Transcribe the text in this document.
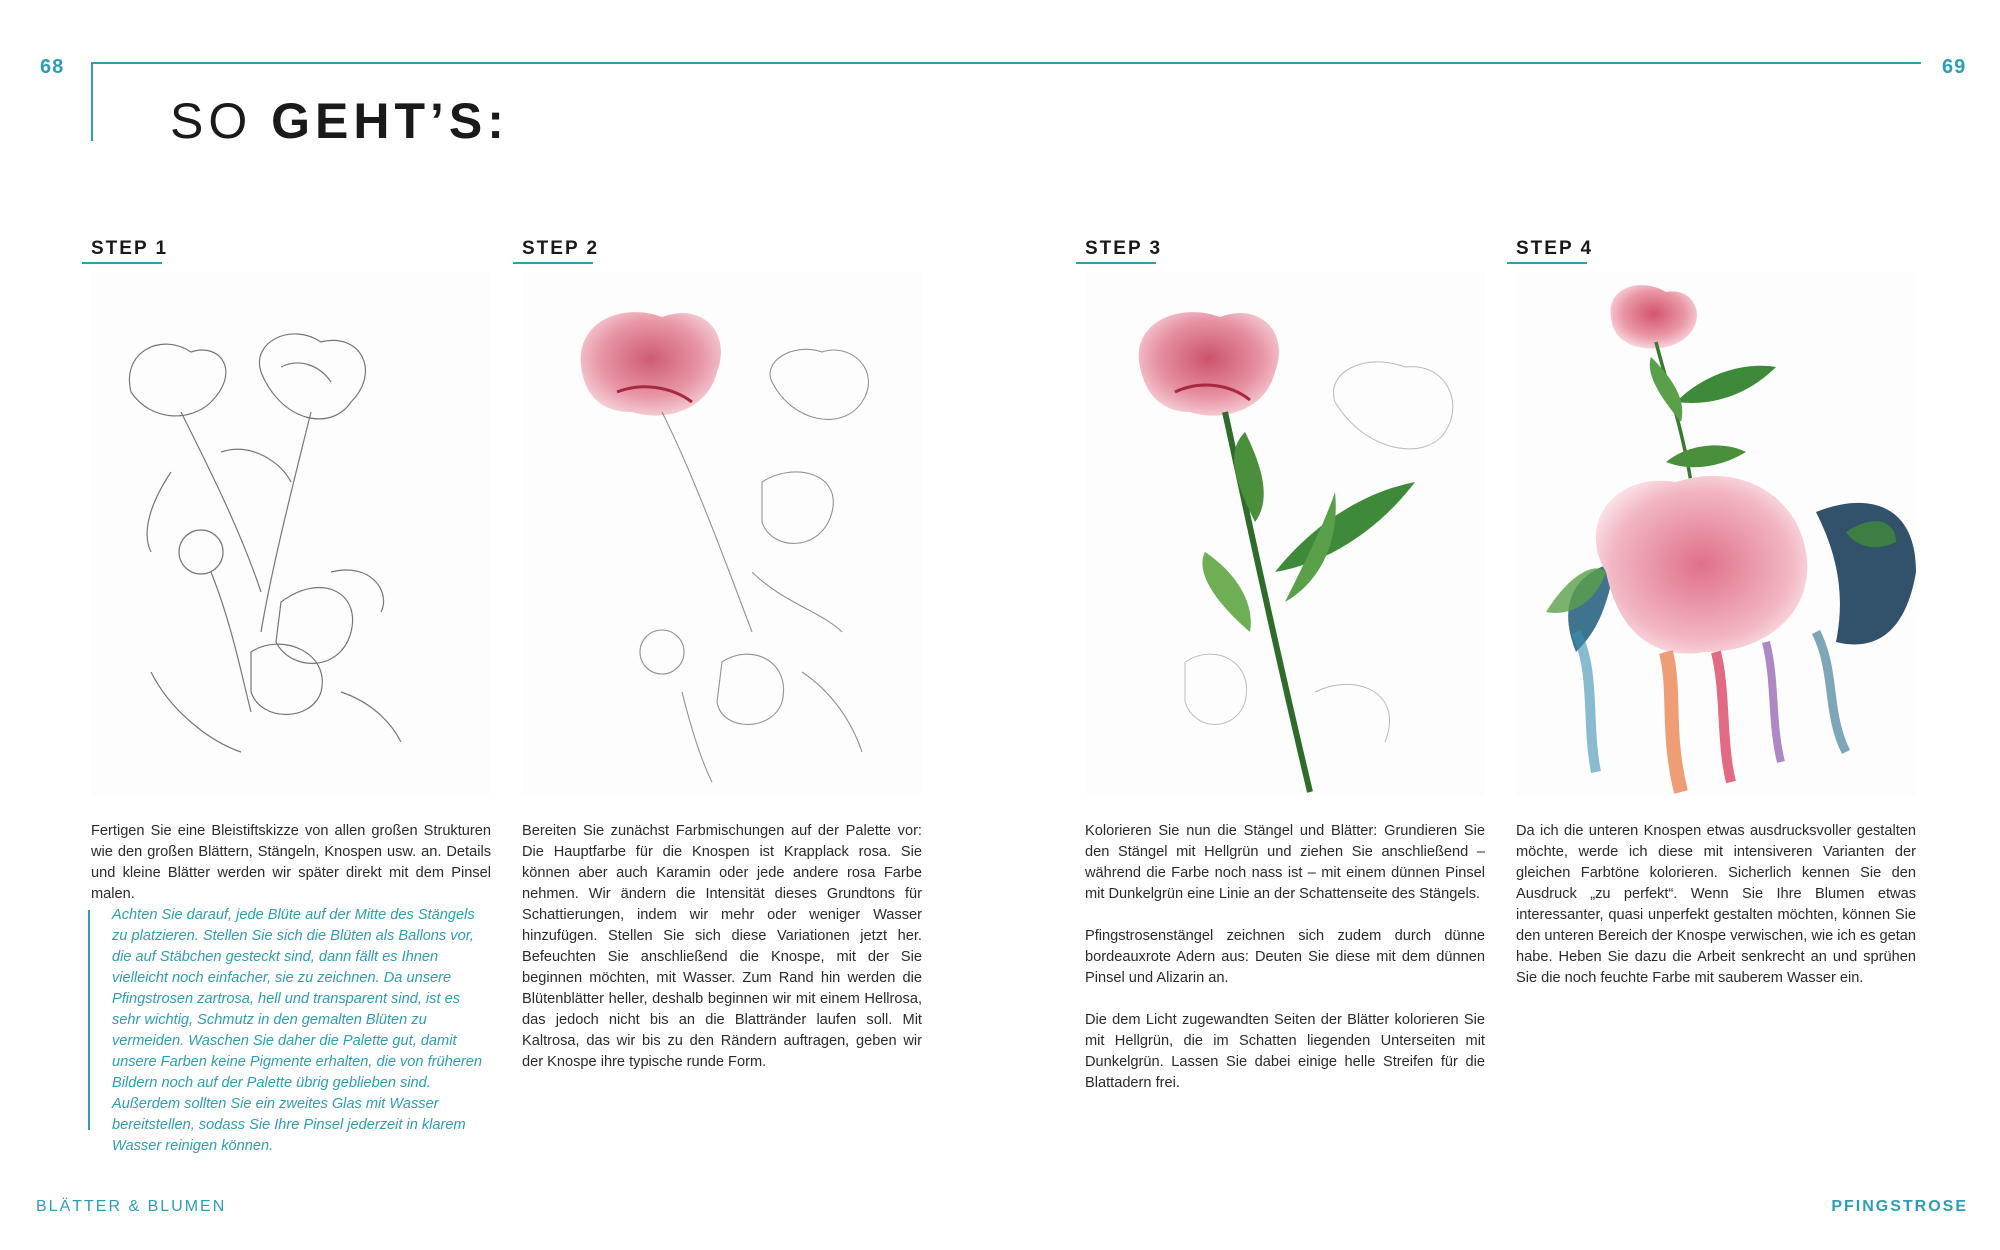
68	69
SO GEHT’S:
STEP 1

Fertigen Sie eine Bleistiftskizze von allen großen Strukturen wie den großen Blättern, Stängeln, Knospen usw. an. Details und kleine Blätter werden wir später direkt mit dem Pinsel malen.

Achten Sie darauf, jede Blüte auf der Mitte des Stängels zu platzieren. Stellen Sie sich die Blüten als Ballons vor, die auf Stäbchen gesteckt sind, dann fällt es Ihnen vielleicht noch einfacher, sie zu zeichnen. Da unsere Pfingstrosen zartrosa, hell und transparent sind, ist es sehr wichtig, Schmutz in den gemalten Blüten zu vermeiden. Waschen Sie daher die Palette gut, damit unsere Farben keine Pigmente erhalten, die von früheren Bildern noch auf der Palette übrig geblieben sind. Außerdem sollten Sie ein zweites Glas mit Wasser bereitstellen, sodass Sie Ihre Pinsel jederzeit in klarem Wasser reinigen können.
STEP 2

Bereiten Sie zunächst Farbmischungen auf der Palette vor: Die Hauptfarbe für die Knospen ist Krapplack rosa. Sie können aber auch Karamin oder jede andere rosa Farbe nehmen. Wir ändern die Intensität dieses Grundtons für Schattierungen, indem wir mehr oder weniger Wasser hinzufügen. Stellen Sie sich diese Variationen jetzt her. Befeuchten Sie anschließend die Knospe, mit der Sie beginnen möchten, mit Wasser. Zum Rand hin werden die Blütenblätter heller, deshalb beginnen wir mit einem Hellrosa, das jedoch nicht bis an die Blattränder laufen soll. Mit Kaltrosa, das wir bis zu den Rändern auftragen, geben wir der Knospe ihre typische runde Form.

STEP 3

Kolorieren Sie nun die Stängel und Blätter: Grundieren Sie den Stängel mit Hellgrün und ziehen Sie anschließend – während die Farbe noch nass ist – mit einem dünnen Pinsel mit Dunkelgrün eine Linie an der Schattenseite des Stängels.

Pfingstrosenstängel zeichnen sich zudem durch dünne bordeauxrote Adern aus: Deuten Sie diese mit dem dünnen Pinsel und Alizarin an.

Die dem Licht zugewandten Seiten der Blätter kolorieren Sie mit Hellgrün, die im Schatten liegenden Unterseiten mit Dunkelgrün. Lassen Sie dabei einige helle Streifen für die Blattadern frei.

STEP 4

Da ich die unteren Knospen etwas ausdrucksvoller gestalten möchte, werde ich diese mit intensiveren Varianten der gleichen Farbtöne kolorieren. Sicherlich kennen Sie den Ausdruck „zu perfekt“. Wenn Sie Ihre Blumen etwas interessanter, quasi unperfekt gestalten möchten, können Sie den unteren Bereich der Knospe verwischen, wie ich es getan habe. Heben Sie dazu die Arbeit senkrecht an und sprühen Sie die noch feuchte Farbe mit sauberem Wasser ein.

BLÄTTER & BLUMEN	PFINGSTROSE
